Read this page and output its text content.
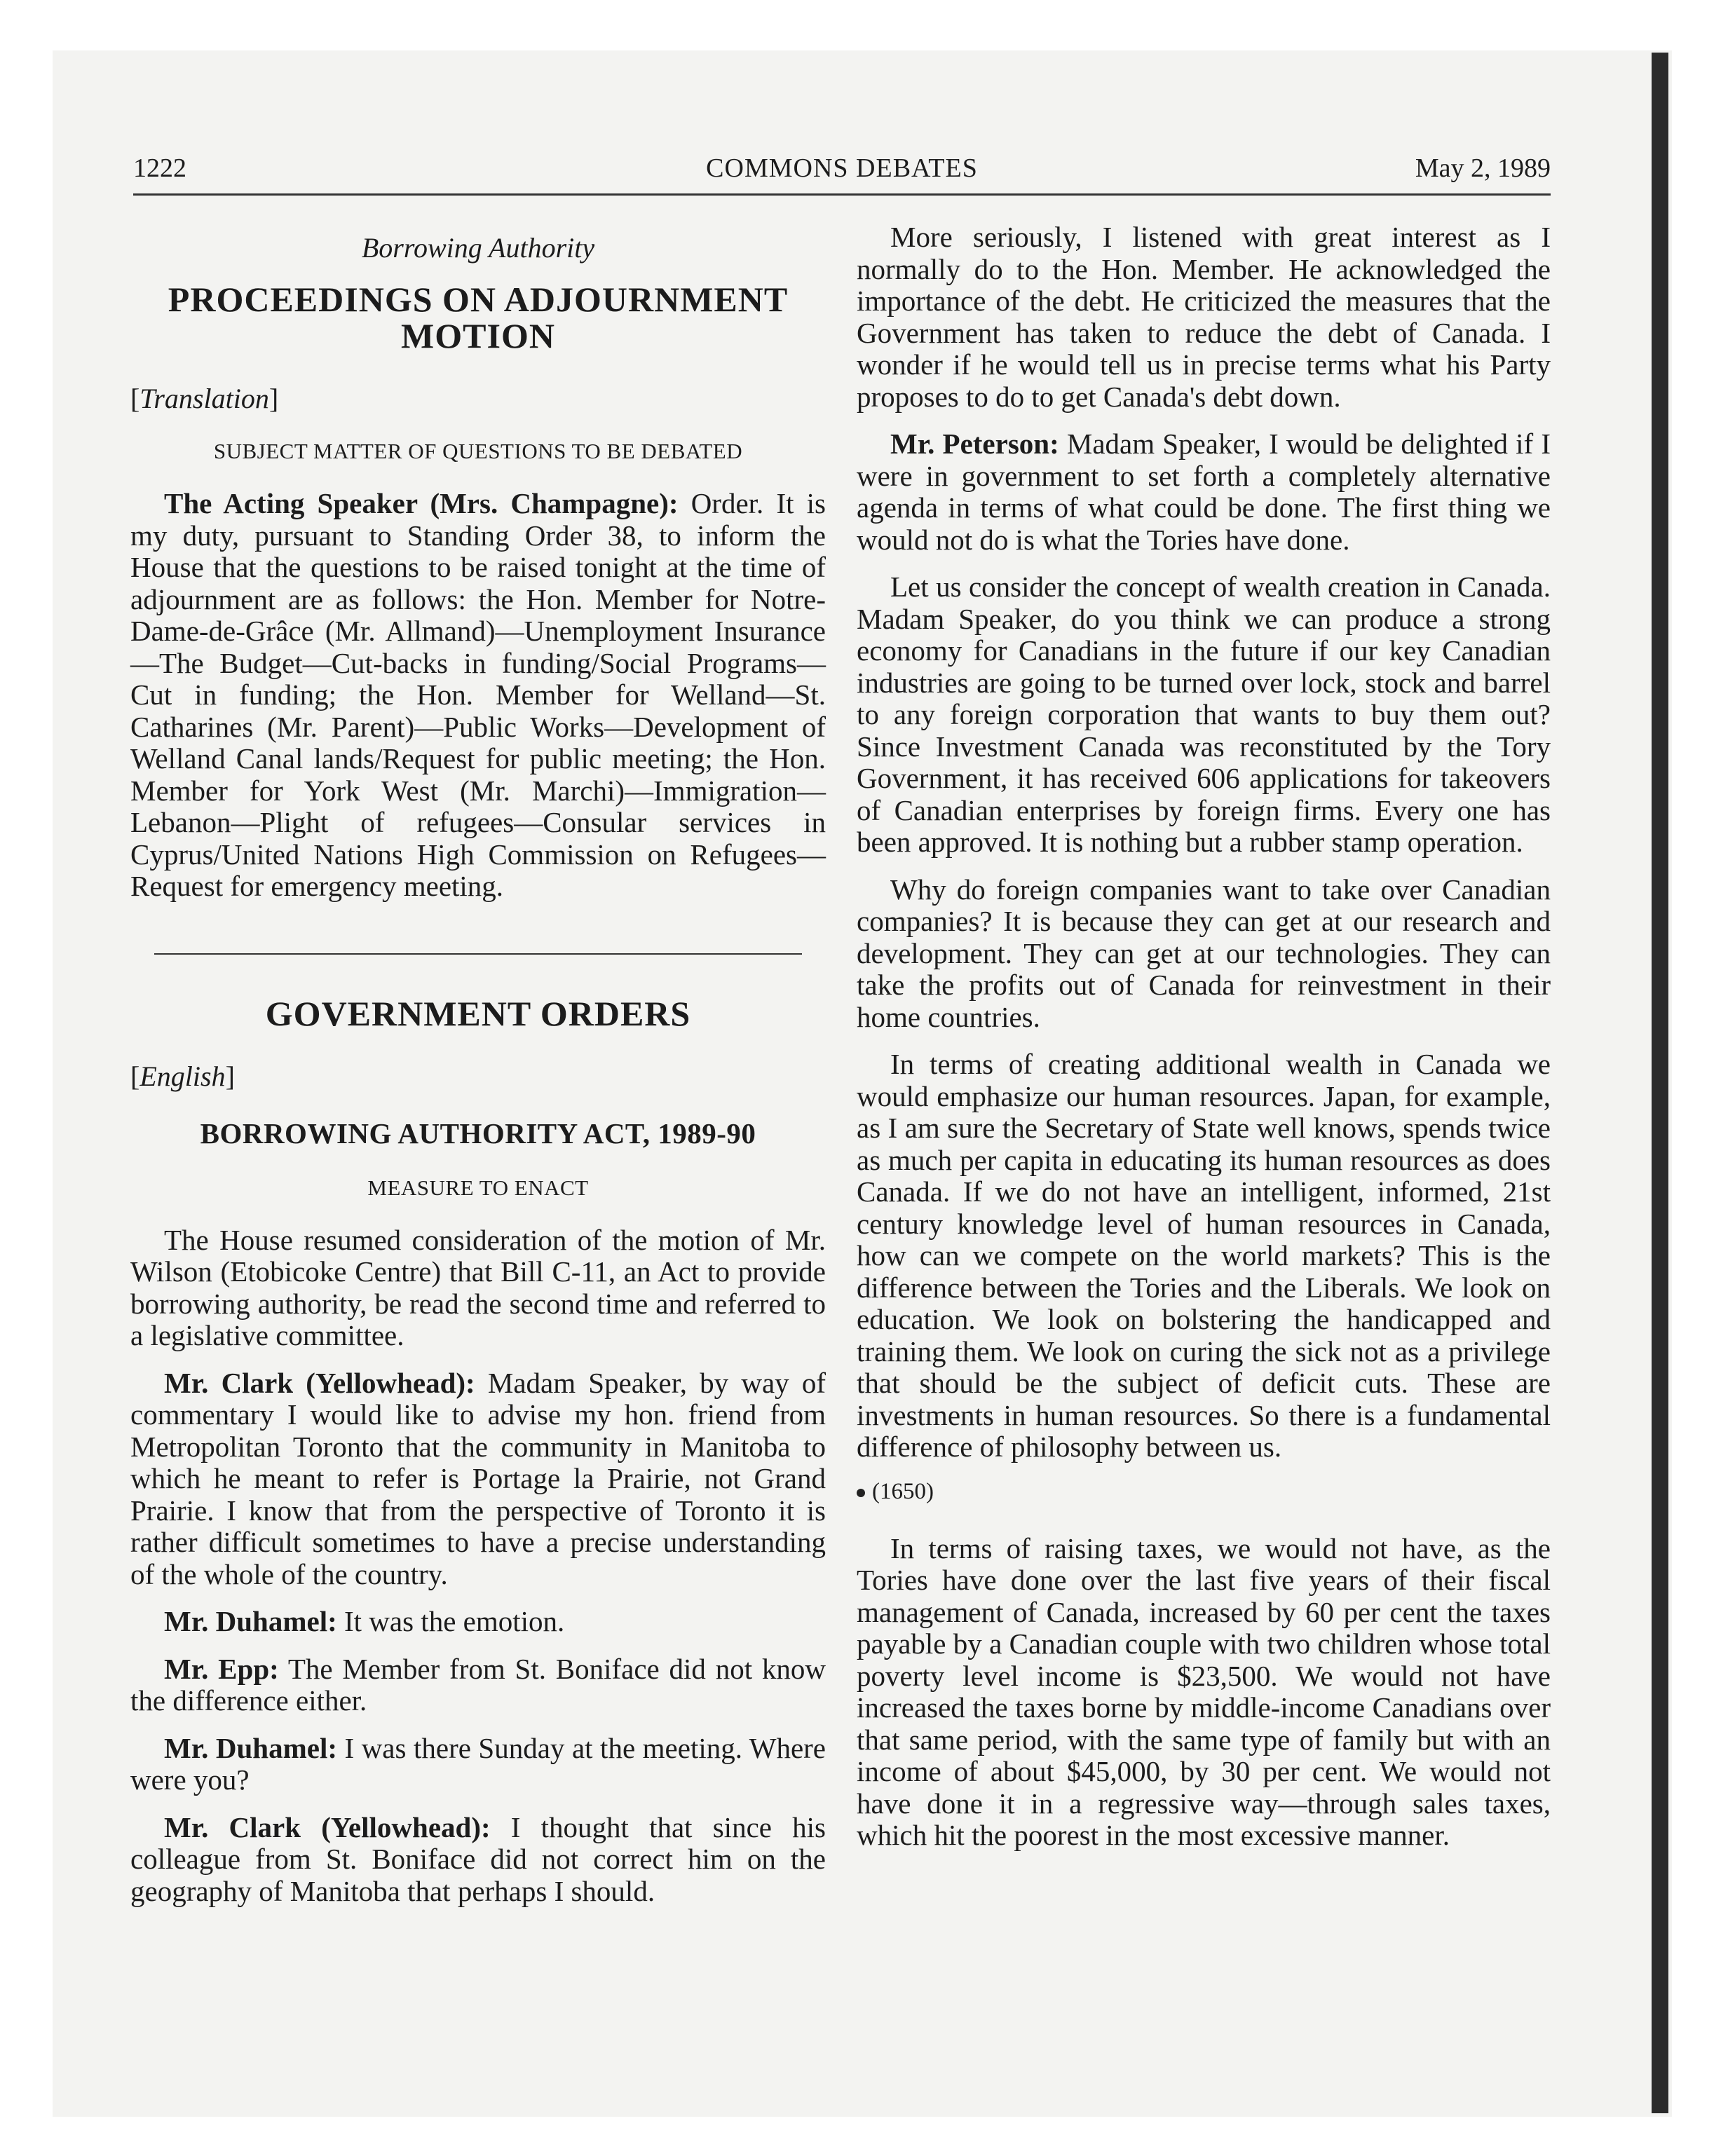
1222	COMMONS DEBATES	May 2, 1989
Borrowing Authority
PROCEEDINGS ON ADJOURNMENT MOTION
[Translation]
SUBJECT MATTER OF QUESTIONS TO BE DEBATED

The Acting Speaker (Mrs. Champagne): Order. It is my duty, pursuant to Standing Order 38, to inform the House that the questions to be raised tonight at the time of adjournment are as follows: the Hon. Member for Notre-Dame-de-Grâce (Mr. Allmand)—Unemployment Insurance—The Budget—Cut-backs in funding/Social Programs—Cut in funding; the Hon. Member for Welland—St. Catharines (Mr. Parent)—Public Works—Development of Welland Canal lands/Request for public meeting; the Hon. Member for York West (Mr. Marchi)—Immigration—Lebanon—Plight of refugees—Consular services in Cyprus/United Nations High Commission on Refugees—Request for emergency meeting.

GOVERNMENT ORDERS
[English]
BORROWING AUTHORITY ACT, 1989-90
MEASURE TO ENACT

The House resumed consideration of the motion of Mr. Wilson (Etobicoke Centre) that Bill C-11, an Act to provide borrowing authority, be read the second time and referred to a legislative committee.

Mr. Clark (Yellowhead): Madam Speaker, by way of commentary I would like to advise my hon. friend from Metropolitan Toronto that the community in Manitoba to which he meant to refer is Portage la Prairie, not Grand Prairie. I know that from the perspective of Toronto it is rather difficult sometimes to have a precise understanding of the whole of the country.

Mr. Duhamel: It was the emotion.

Mr. Epp: The Member from St. Boniface did not know the difference either.

Mr. Duhamel: I was there Sunday at the meeting. Where were you?

Mr. Clark (Yellowhead): I thought that since his colleague from St. Boniface did not correct him on the geography of Manitoba that perhaps I should.

More seriously, I listened with great interest as I normally do to the Hon. Member. He acknowledged the importance of the debt. He criticized the measures that the Government has taken to reduce the debt of Canada. I wonder if he would tell us in precise terms what his Party proposes to do to get Canada's debt down.

Mr. Peterson: Madam Speaker, I would be delighted if I were in government to set forth a completely alternative agenda in terms of what could be done. The first thing we would not do is what the Tories have done.

Let us consider the concept of wealth creation in Canada. Madam Speaker, do you think we can produce a strong economy for Canadians in the future if our key Canadian industries are going to be turned over lock, stock and barrel to any foreign corporation that wants to buy them out? Since Investment Canada was reconstituted by the Tory Government, it has received 606 applications for takeovers of Canadian enterprises by foreign firms. Every one has been approved. It is nothing but a rubber stamp operation.

Why do foreign companies want to take over Canadian companies? It is because they can get at our research and development. They can get at our technologies. They can take the profits out of Canada for reinvestment in their home countries.

In terms of creating additional wealth in Canada we would emphasize our human resources. Japan, for example, as I am sure the Secretary of State well knows, spends twice as much per capita in educating its human resources as does Canada. If we do not have an intelligent, informed, 21st century knowledge level of human resources in Canada, how can we compete on the world markets? This is the difference between the Tories and the Liberals. We look on education. We look on bolstering the handicapped and training them. We look on curing the sick not as a privilege that should be the subject of deficit cuts. These are investments in human resources. So there is a fundamental difference of philosophy between us.

(1650)

In terms of raising taxes, we would not have, as the Tories have done over the last five years of their fiscal management of Canada, increased by 60 per cent the taxes payable by a Canadian couple with two children whose total poverty level income is $23,500. We would not have increased the taxes borne by middle-income Canadians over that same period, with the same type of family but with an income of about $45,000, by 30 per cent. We would not have done it in a regressive way—through sales taxes, which hit the poorest in the most excessive manner.
